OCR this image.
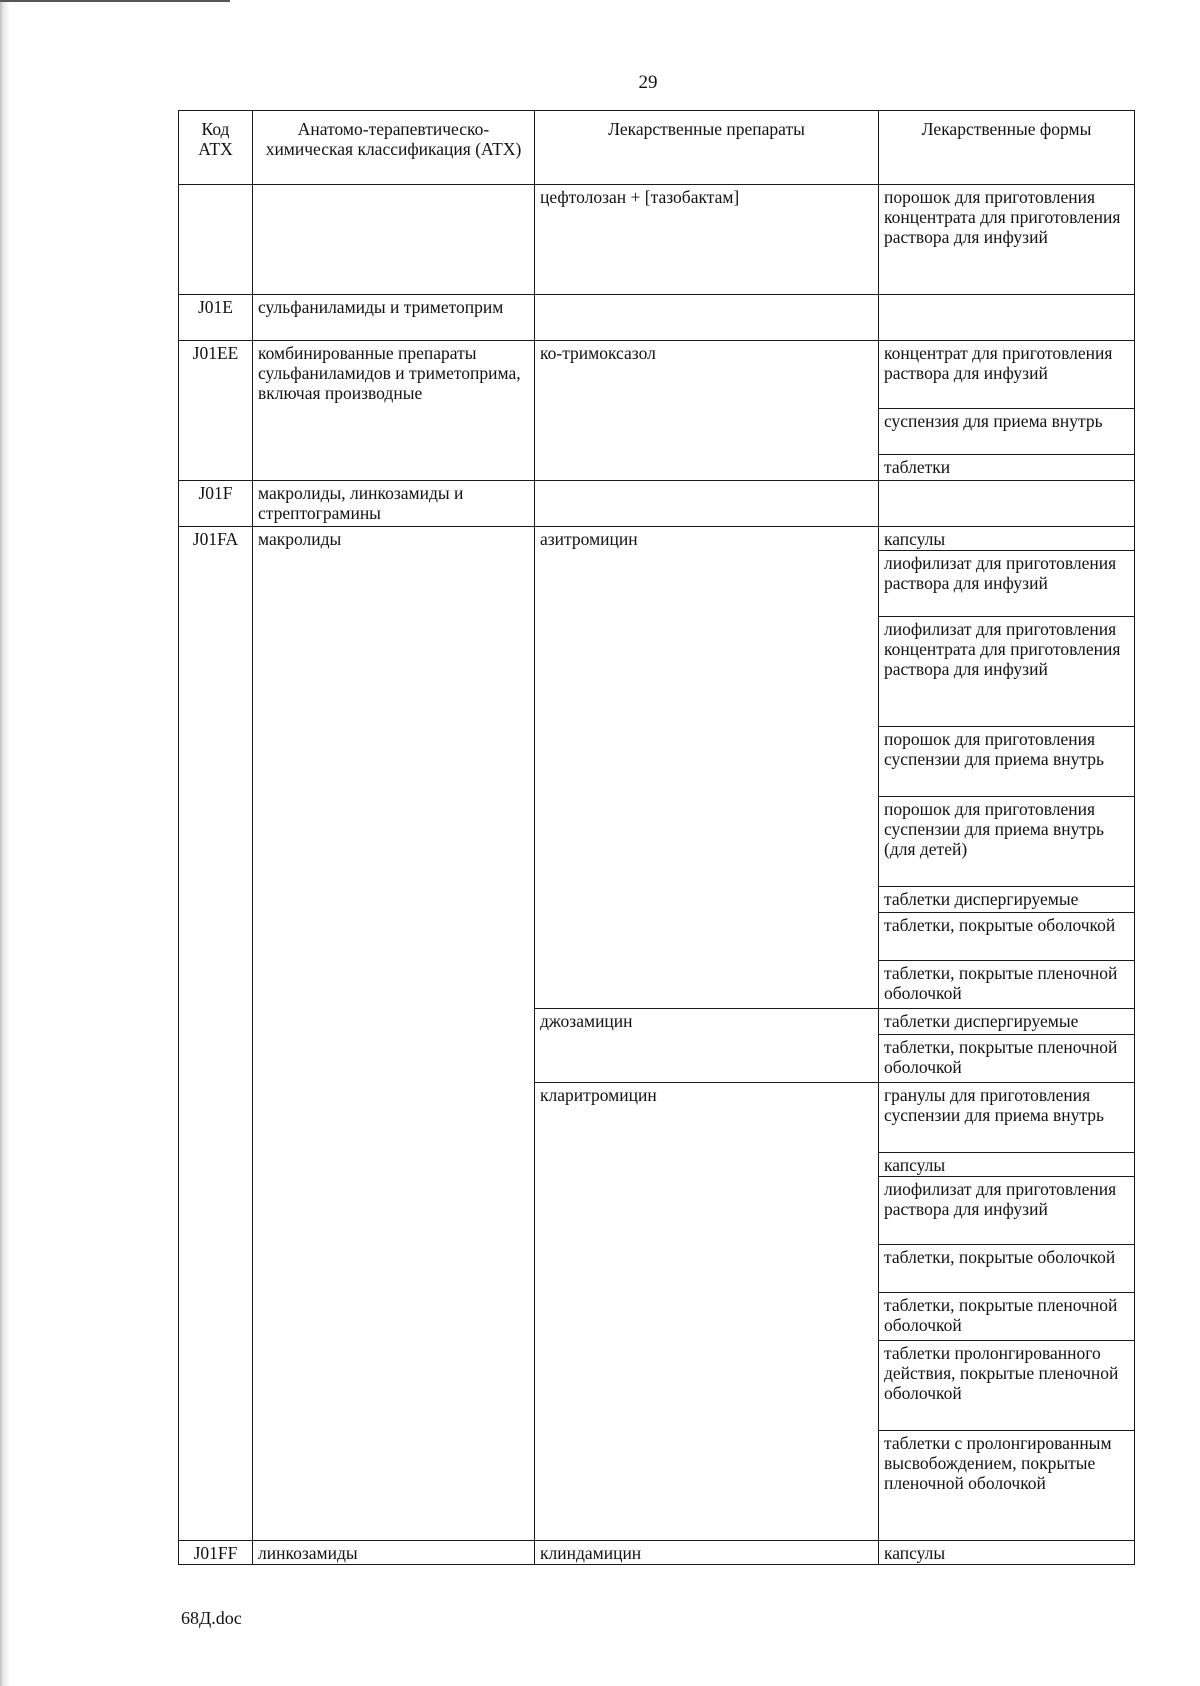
29
Код АТХ	Анатомо-терапевтическо-химическая классификация (АТХ)	Лекарственные препараты	Лекарственные формы
		цефтолозан + [тазобактам]	порошок для приготовления концентрата для приготовления раствора для инфузий
J01E	сульфаниламиды и триметоприм		
J01EE	комбинированные препараты сульфаниламидов и триметоприма, включая производные	ко-тримоксазол	концентрат для приготовления раствора для инфузий
			суспензия для приема внутрь
			таблетки
J01F	макролиды, линкозамиды и стрептограмины		
J01FA	макролиды	азитромицин	капсулы
			лиофилизат для приготовления раствора для инфузий
			лиофилизат для приготовления концентрата для приготовления раствора для инфузий
			порошок для приготовления суспензии для приема внутрь
			порошок для приготовления суспензии для приема внутрь (для детей)
			таблетки диспергируемые
			таблетки, покрытые оболочкой
			таблетки, покрытые пленочной оболочкой
		джозамицин	таблетки диспергируемые
			таблетки, покрытые пленочной оболочкой
		кларитромицин	гранулы для приготовления суспензии для приема внутрь
			капсулы
			лиофилизат для приготовления раствора для инфузий
			таблетки, покрытые оболочкой
			таблетки, покрытые пленочной оболочкой
			таблетки пролонгированного действия, покрытые пленочной оболочкой
			таблетки с пролонгированным высвобождением, покрытые пленочной оболочкой
J01FF	линкозамиды	клиндамицин	капсулы
68Д.doc
